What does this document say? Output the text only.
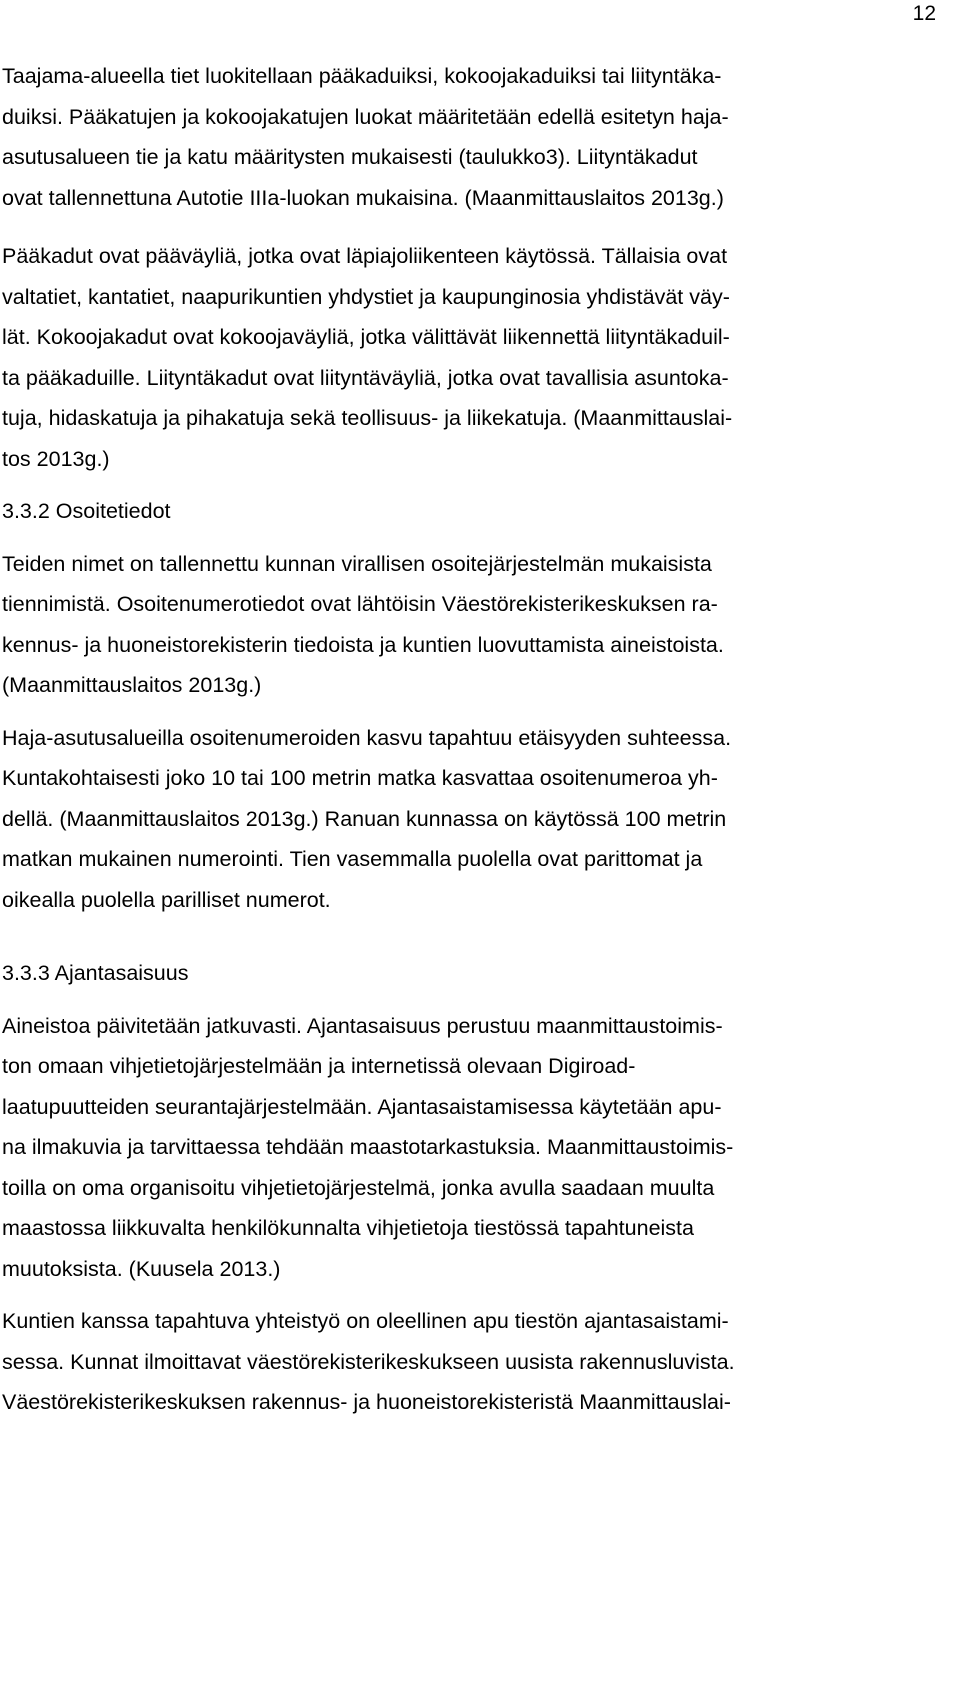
12

Taajama-alueella tiet luokitellaan pääkaduiksi, kokoojakaduiksi tai liityntäka-
duiksi. Pääkatujen ja kokoojakatujen luokat määritetään edellä esitetyn haja-
asutusalueen tie ja katu määritysten mukaisesti (taulukko3). Liityntäkadut
ovat tallennettuna Autotie IIIa-luokan mukaisina. (Maanmittauslaitos 2013g.)

Pääkadut ovat pääväyliä, jotka ovat läpiajoliikenteen käytössä. Tällaisia ovat
valtatiet, kantatiet, naapurikuntien yhdystiet ja kaupunginosia yhdistävät väy-
lät. Kokoojakadut ovat kokoojaväyliä, jotka välittävät liikennettä liityntäkaduil-
ta pääkaduille. Liityntäkadut ovat liityntäväyliä, jotka ovat tavallisia asuntoka-
tuja, hidaskatuja ja pihakatuja sekä teollisuus- ja liikekatuja. (Maanmittauslai-
tos 2013g.)

3.3.2 Osoitetiedot

Teiden nimet on tallennettu kunnan virallisen osoitejärjestelmän mukaisista
tiennimistä. Osoitenumerotiedot ovat lähtöisin Väestörekisterikeskuksen ra-
kennus- ja huoneistorekisterin tiedoista ja kuntien luovuttamista aineistoista.
(Maanmittauslaitos 2013g.)

Haja-asutusalueilla osoitenumeroiden kasvu tapahtuu etäisyyden suhteessa.
Kuntakohtaisesti joko 10 tai 100 metrin matka kasvattaa osoitenumeroa yh-
dellä. (Maanmittauslaitos 2013g.) Ranuan kunnassa on käytössä 100 metrin
matkan mukainen numerointi. Tien vasemmalla puolella ovat parittomat ja
oikealla puolella parilliset numerot.

3.3.3 Ajantasaisuus

Aineistoa päivitetään jatkuvasti. Ajantasaisuus perustuu maanmittaustoimis-
ton omaan vihjetietojärjestelmään ja internetissä olevaan Digiroad-
laatupuutteiden seurantajärjestelmään. Ajantasaistamisessa käytetään apu-
na ilmakuvia ja tarvittaessa tehdään maastotarkastuksia. Maanmittaustoimis-
toilla on oma organisoitu vihjetietojärjestelmä, jonka avulla saadaan muulta
maastossa liikkuvalta henkilökunnalta vihjetietoja tiestössä tapahtuneista
muutoksista. (Kuusela 2013.)

Kuntien kanssa tapahtuva yhteistyö on oleellinen apu tiestön ajantasaistami-
sessa. Kunnat ilmoittavat väestörekisterikeskukseen uusista rakennusluvista.
Väestörekisterikeskuksen rakennus- ja huoneistorekisteristä Maanmittauslai-
